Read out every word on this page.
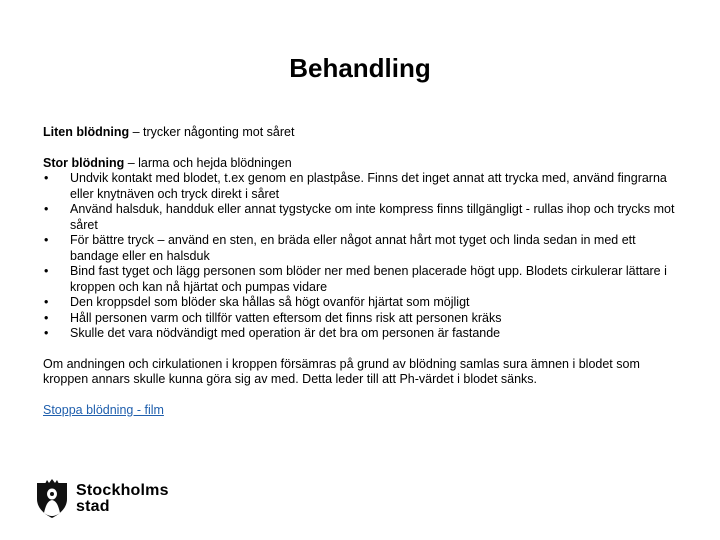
Behandling

Liten blödning – trycker någonting mot såret

Stor blödning – larma och hejda blödningen
• Undvik kontakt med blodet, t.ex genom en plastpåse. Finns det inget annat att trycka med, använd fingrarna eller knytnäven och tryck direkt i såret
• Använd halsduk, handduk eller annat tygstycke om inte kompress finns tillgängligt - rullas ihop och trycks mot såret
• För bättre tryck – använd en sten, en bräda eller något annat hårt mot tyget och linda sedan in med ett bandage eller en halsduk
• Bind fast tyget och lägg personen som blöder ner med benen placerade högt upp. Blodets cirkulerar lättare i kroppen och kan nå hjärtat och pumpas vidare
• Den kroppsdel som blöder ska hållas så högt ovanför hjärtat som möjligt
• Håll personen varm och tillför vatten eftersom det finns risk att personen kräks
• Skulle det vara nödvändigt med operation är det bra om personen är fastande

Om andningen och cirkulationen i kroppen försämras på grund av blödning samlas sura ämnen i blodet som kroppen annars skulle kunna göra sig av med. Detta leder till att Ph-värdet i blodet sänks.

Stoppa blödning - film
Stockholms
stad
